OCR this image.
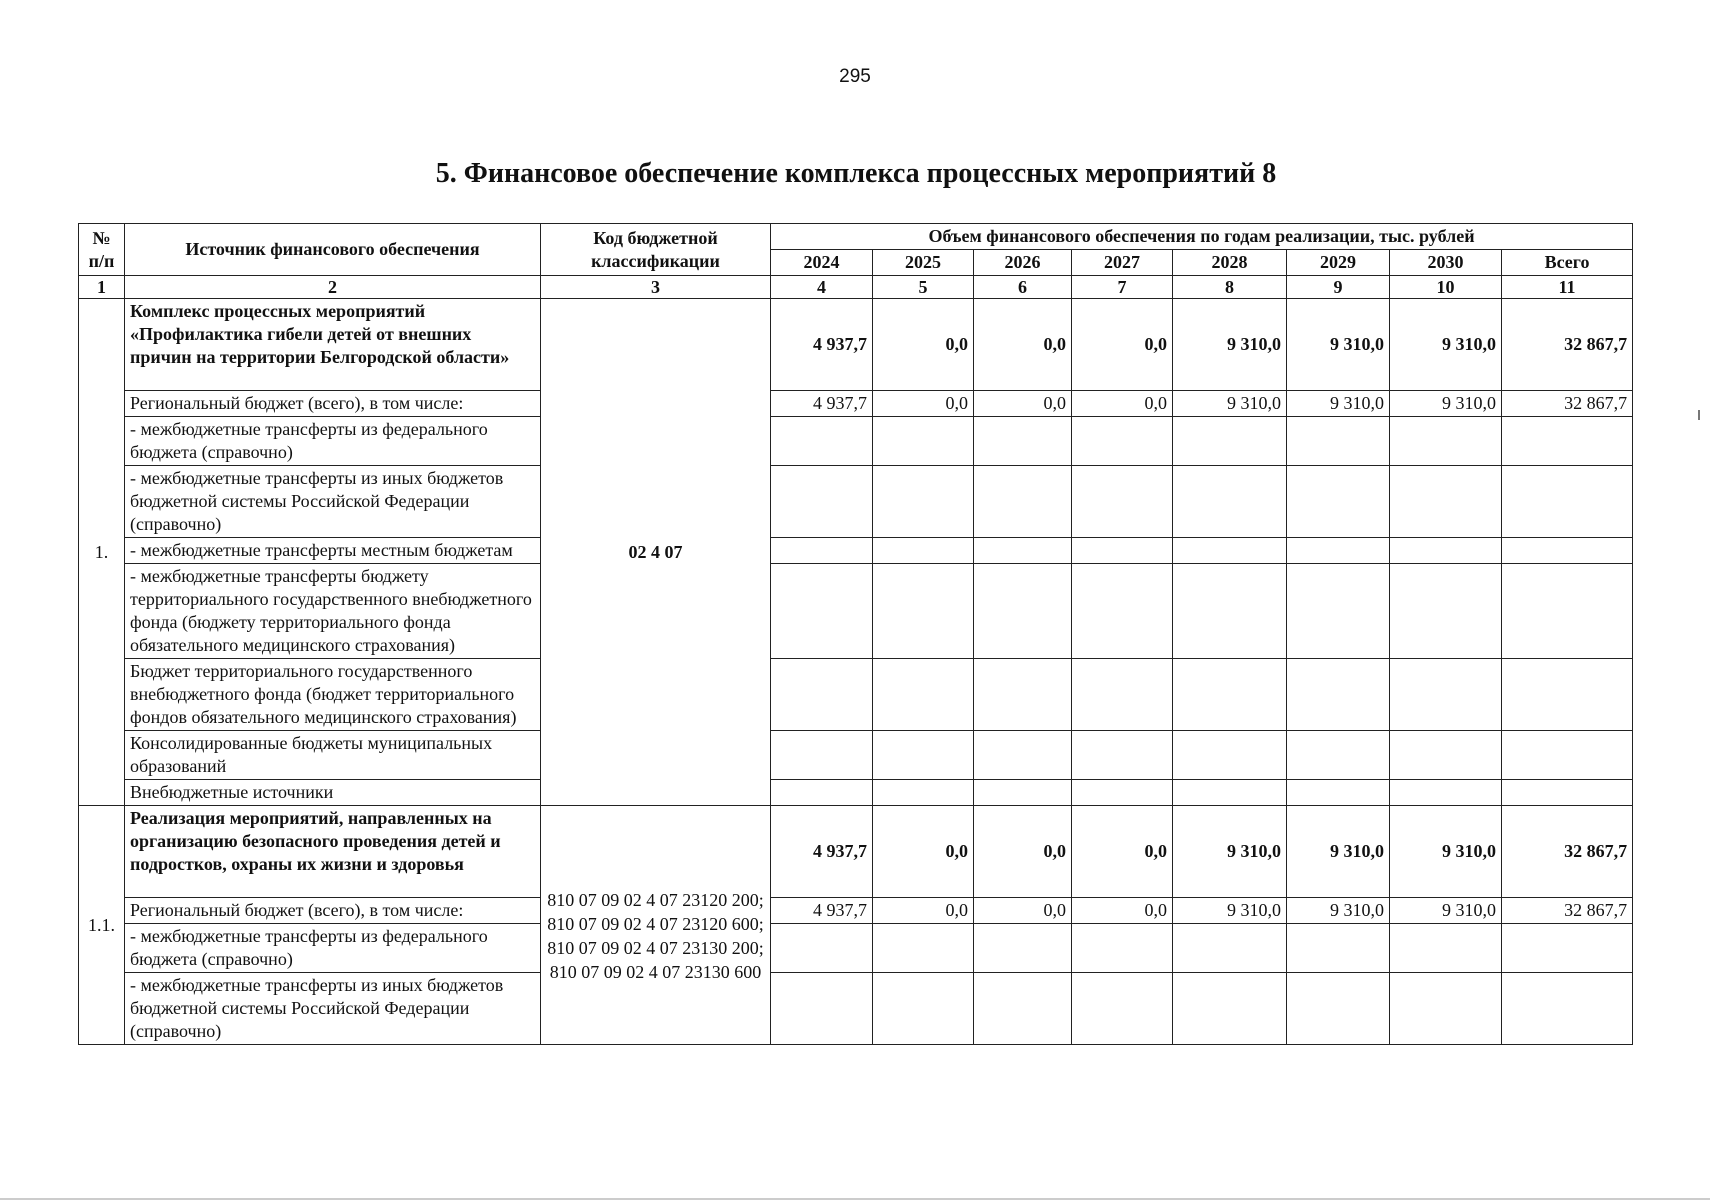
295
5. Финансовое обеспечение комплекса процессных мероприятий 8
№ п/п	Источник финансового обеспечения	Код бюджетной классификации	Объем финансового обеспечения по годам реализации, тыс. рублей							
			2024	2025	2026	2027	2028	2029	2030	Всего
1	2	3	4	5	6	7	8	9	10	11
1.	Комплекс процессных мероприятий «Профилактика гибели детей от внешних причин на территории Белгородской области»	02 4 07	4 937,7	0,0	0,0	0,0	9 310,0	9 310,0	9 310,0	32 867,7
	Региональный бюджет (всего), в том числе:		4 937,7	0,0	0,0	0,0	9 310,0	9 310,0	9 310,0	32 867,7
	- межбюджетные трансферты из федерального бюджета (справочно)									
	- межбюджетные трансферты из иных бюджетов бюджетной системы Российской Федерации (справочно)									
	- межбюджетные трансферты местным бюджетам									
	- межбюджетные трансферты бюджету территориального государственного внебюджетного фонда (бюджету территориального фонда обязательного медицинского страхования)									
	Бюджет территориального государственного внебюджетного фонда (бюджет территориального фондов обязательного медицинского страхования)									
	Консолидированные бюджеты муниципальных образований									
	Внебюджетные источники									
1.1.	Реализация мероприятий, направленных на организацию безопасного проведения детей и подростков, охраны их жизни и здоровья	810 07 09 02 4 07 23120 200;
810 07 09 02 4 07 23120 600;
810 07 09 02 4 07 23130 200;
810 07 09 02 4 07 23130 600	4 937,7	0,0	0,0	0,0	9 310,0	9 310,0	9 310,0	32 867,7
	Региональный бюджет (всего), в том числе:		4 937,7	0,0	0,0	0,0	9 310,0	9 310,0	9 310,0	32 867,7
	- межбюджетные трансферты из федерального бюджета (справочно)									
	- межбюджетные трансферты из иных бюджетов бюджетной системы Российской Федерации (справочно)									
